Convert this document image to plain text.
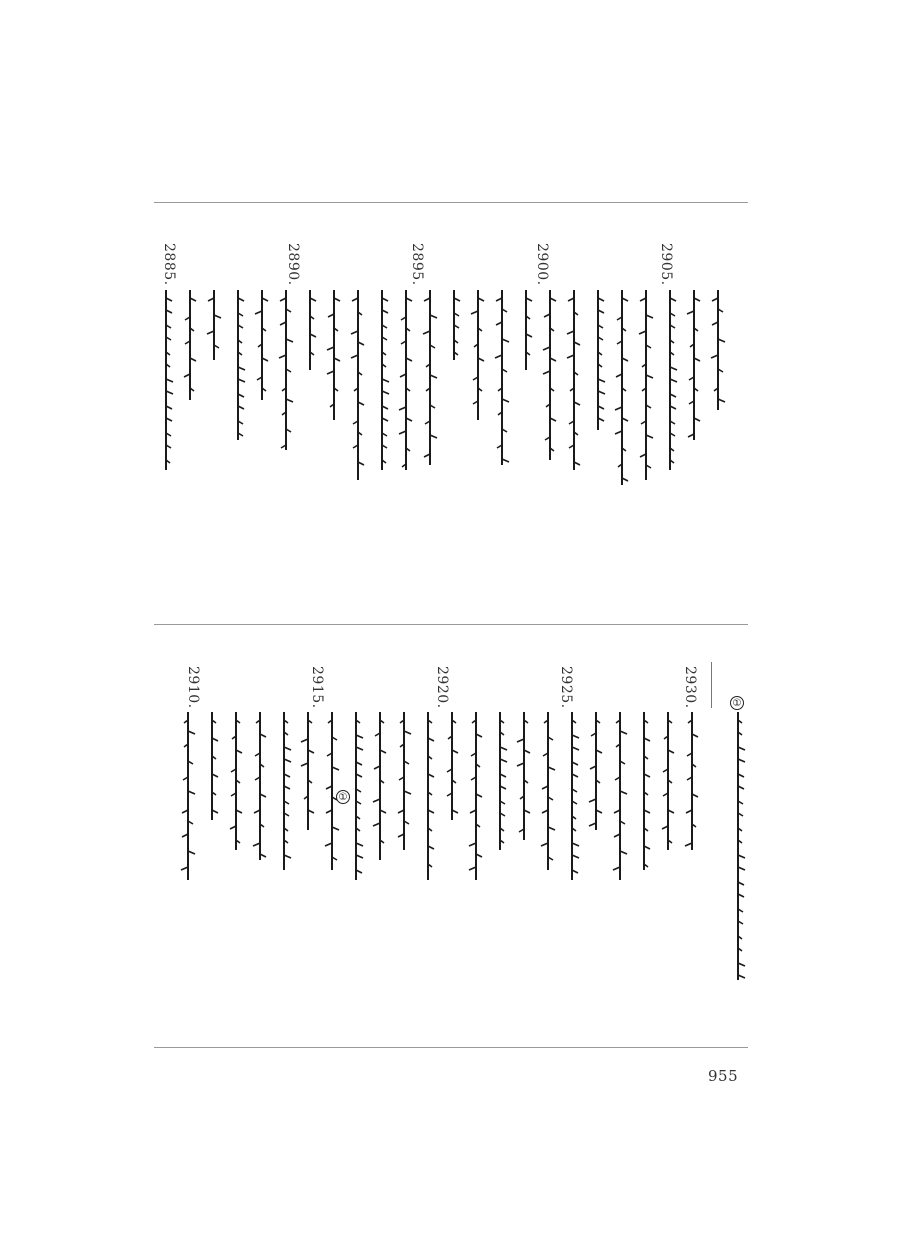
2885.	2890.	2895.	2900.	2905.
2910.	2915.	2920.	2925.	2930.	①
①
955
